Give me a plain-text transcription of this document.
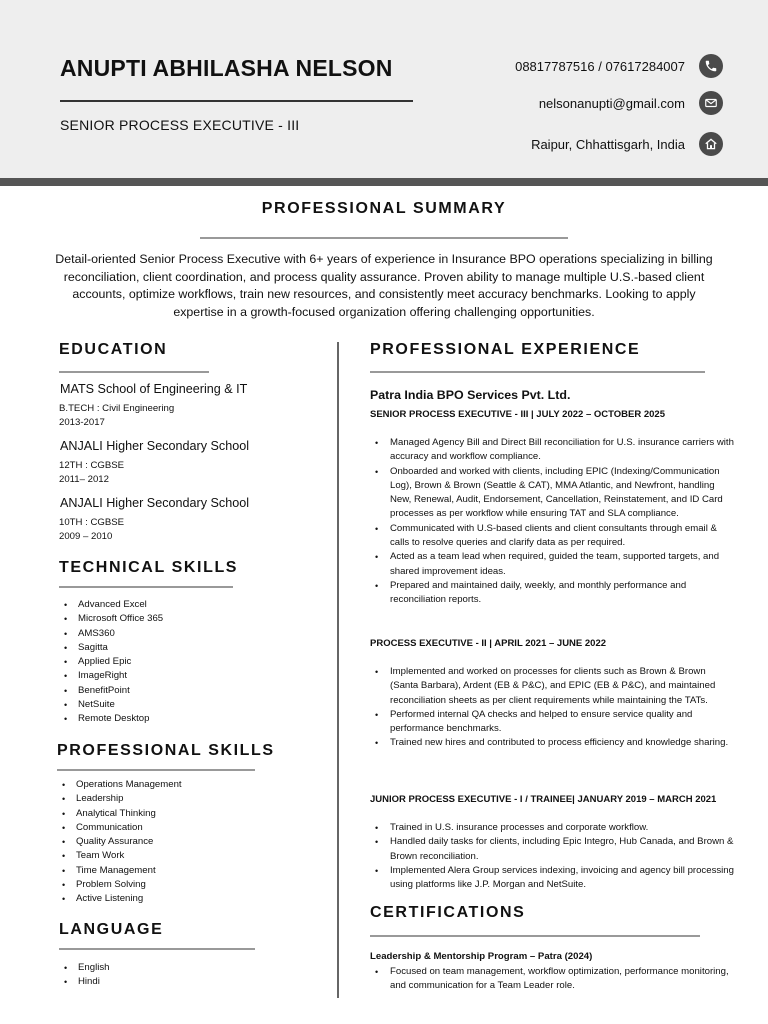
ANUPTI ABHILASHA NELSON
SENIOR PROCESS EXECUTIVE - III
08817787516 / 07617284007
nelsonanupti@gmail.com
Raipur, Chhattisgarh, India
PROFESSIONAL SUMMARY
Detail-oriented Senior Process Executive with 6+ years of experience in Insurance BPO operations specializing in billing reconciliation, client coordination, and process quality assurance. Proven ability to manage multiple U.S.-based client accounts, optimize workflows, train new resources, and consistently meet accuracy benchmarks. Looking to apply expertise in a growth-focused organization offering challenging opportunities.
EDUCATION
MATS School of Engineering & IT
B.TECH : Civil Engineering
2013-2017
ANJALI Higher Secondary School
12TH : CGBSE
2011– 2012
ANJALI Higher Secondary School
10TH : CGBSE
2009 – 2010
TECHNICAL SKILLS
• Advanced Excel
• Microsoft Office 365
• AMS360
• Sagitta
• Applied Epic
• ImageRight
• BenefitPoint
• NetSuite
• Remote Desktop
PROFESSIONAL SKILLS
• Operations Management
• Leadership
• Analytical Thinking
• Communication
• Quality Assurance
• Team Work
• Time Management
• Problem Solving
• Active Listening
LANGUAGE
• English
• Hindi
PROFESSIONAL EXPERIENCE
Patra India BPO Services Pvt. Ltd.
SENIOR PROCESS EXECUTIVE - III | JULY 2022 – OCTOBER 2025
• Managed Agency Bill and Direct Bill reconciliation for U.S. insurance carriers with accuracy and workflow compliance.
• Onboarded and worked with clients, including EPIC (Indexing/Communication Log), Brown & Brown (Seattle & CAT), MMA Atlantic, and Newfront, handling New, Renewal, Audit, Endorsement, Cancellation, Reinstatement, and ID Card processes as per workflow while ensuring TAT and SLA compliance.
• Communicated with U.S-based clients and client consultants through email & calls to resolve queries and clarify data as per required.
• Acted as a team lead when required, guided the team, supported targets, and shared improvement ideas.
• Prepared and maintained daily, weekly, and monthly performance and reconciliation reports.
PROCESS EXECUTIVE - II | APRIL 2021 – JUNE 2022
• Implemented and worked on processes for clients such as Brown & Brown (Santa Barbara), Ardent (EB & P&C), and EPIC (EB & P&C), and maintained reconciliation sheets as per client requirements while maintaining the TATs.
• Performed internal QA checks and helped to ensure service quality and performance benchmarks.
• Trained new hires and contributed to process efficiency and knowledge sharing.
JUNIOR PROCESS EXECUTIVE - I / TRAINEE| JANUARY 2019 – MARCH 2021
• Trained in U.S. insurance processes and corporate workflow.
• Handled daily tasks for clients, including Epic Integro, Hub Canada, and Brown & Brown reconciliation.
• Implemented Alera Group services indexing, invoicing and agency bill processing using platforms like J.P. Morgan and NetSuite.
CERTIFICATIONS
Leadership & Mentorship Program – Patra (2024)
• Focused on team management, workflow optimization, performance monitoring, and communication for a Team Leader role.
